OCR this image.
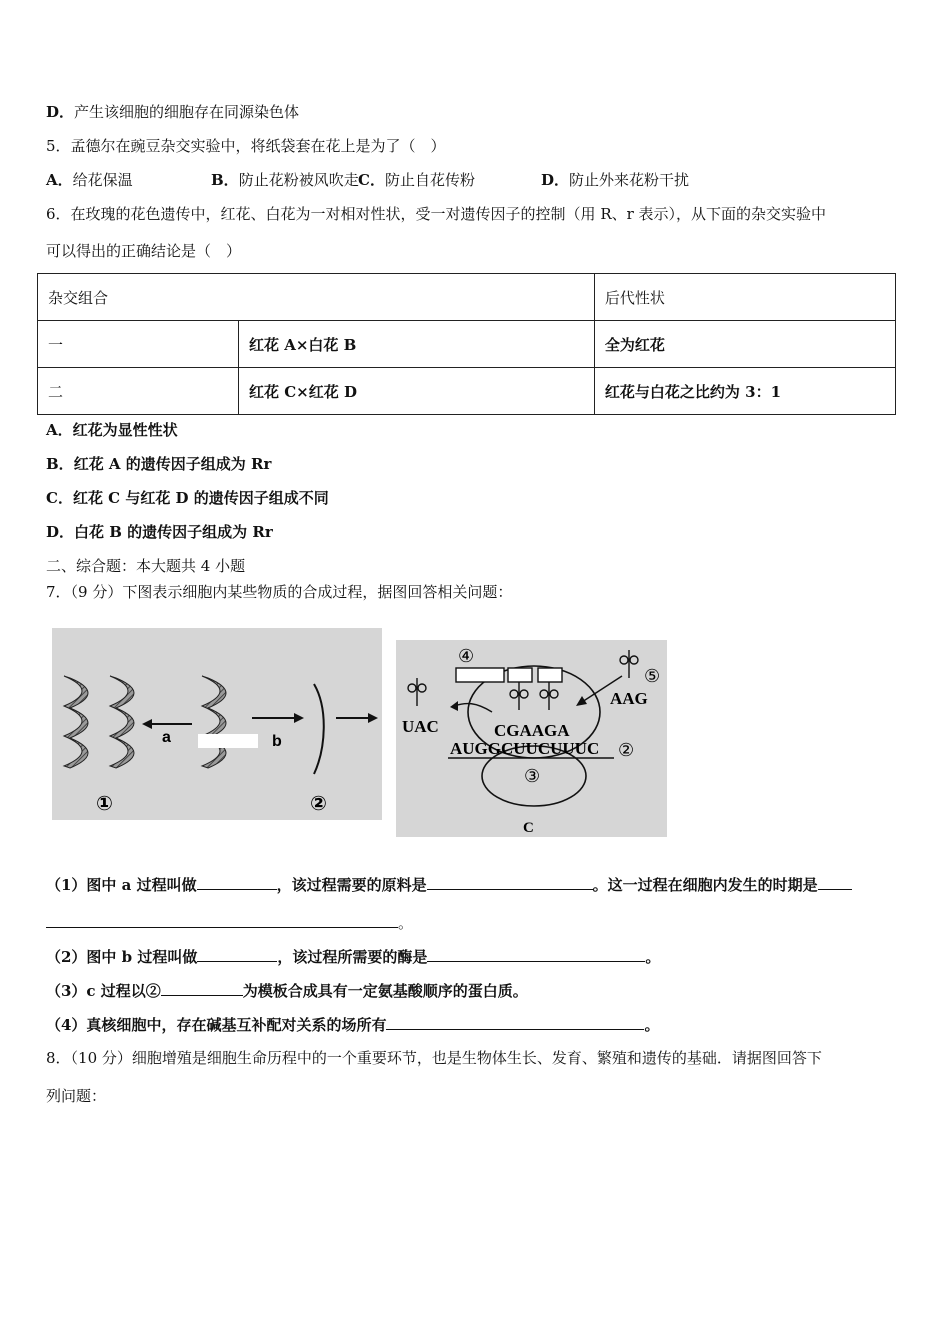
D．产生该细胞的细胞存在同源染色体
5．孟德尔在豌豆杂交实验中，将纸袋套在花上是为了（　）
A．给花保温	B．防止花粉被风吹走 C．防止自花传粉	D．防止外来花粉干扰
6．在玫瑰的花色遗传中，红花、白花为一对相对性状，受一对遗传因子的控制（用 R、r 表示），从下面的杂交实验中
可以得出的正确结论是（　）
杂交组合		后代性状
一	红花 A×白花 B	全为红花
二	红花 C×红花 D	红花与白花之比约为 3：1
A．红花为显性性状
B．红花 A 的遗传因子组成为 Rr
C．红花 C 与红花 D 的遗传因子组成不同
D．白花 B 的遗传因子组成为 Rr
二、综合题：本大题共 4 小题
7．（9 分）下图表示细胞内某些物质的合成过程，据图回答相关问题：
a	b
①	②
④
⑤
UAC
AAG
CGAAGA
AUGGCUUCUUUC ②
③
C
（1）图中 a 过程叫做	，该过程需要的原料是	。这一过程在细胞内发生的时期是
。
（2）图中 b 过程叫做	，该过程所需要的酶是	。
（3）c 过程以②	为模板合成具有一定氨基酸顺序的蛋白质。
（4）真核细胞中，存在碱基互补配对关系的场所有	。
8．（10 分）细胞增殖是细胞生命历程中的一个重要环节，也是生物体生长、发育、繁殖和遗传的基础．请据图回答下
列问题：
